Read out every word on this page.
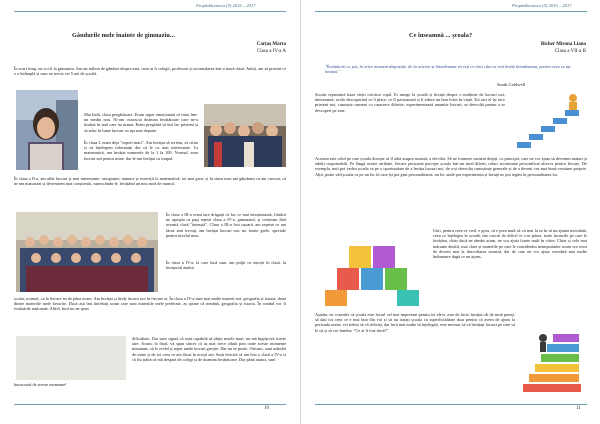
Propădăceanca (5) 2016 – 2017
Gândurile mele înainte de gimnaziu...
Carțaș Marta
Clasa a IV-a A
În scurt timp, eu voi fi la gimnaziu. Am un milion de gânduri despre asta, cum ar fi colegii, profesorii și acomodarea într-o nouă clasă. Antiți, am să prezint ce e o întâmplă și cum au trecut cei 5 ani de școală.
Mai întâi, clasa pregătitoare. Eram super emoționată că intru într-un mediu nou. Ni-am cunoscut doamna învățătoare care ne-a învățat în anii care au urmat. Eram pregătită să îmi fac prieteni și să aduc în lume lucruri cu așa mai departe.
În clasa I, eram deja "expert mari". Am învățat să scriem, să citim și să înțelegem informații din că le cu mai interesante. La matematică, am învățat numerele de la 1 la 100. Normal, erau lucruri noi pentru mine, dar le-am învățat cu timpul.
În clasa a II-a, am aflat lucruri și mai interesante: ortograme, numere și exerciții la matematică; tot mai greu, și în sinea mea mă gândeam că am crescut, că m-am maturizat și devenisem mai conștientă, cunoscându-le, învățând un nou mod de muncă.
În clasa a III-a eram tare drăguță că fac ce mai emoționantă, fiindcă ne apropia ca paşi repezi clasa a IV-a, gimnaziul, și creșteam fără această clasă "ăsteaștă". Clasa a III-a fost ușoară, am repetat ce am făcut anii trecuți, am învățat lucruri noi, nu foarte grele, speciale pentru nivelul meu.
În clasa a IV-a, la care încă sunt, am prăjit cu emoții în clasă, la începutul anului
școlar, normal, ca la fiecare an de pâna acum. Am învățat și învăț lucruri noi în fiecare zi. În clasa a IV-a sunt mai multe materii noi: geografia și istoria, două dintre materiile mele favorite. Dacă așă îmi întrebați acum care sunt materiile mele preferate, aș spune că română, geografia și istoria. În curând vor fi evaluările naționale. Altfel, încă nu ne spun
dificultate. Dar sunt sigură că sunt capabilă să obțin notele mari, nu mă îngrijorez foarte tare. Acum, la final, vă spun sincer că aș mai trece odată prin toate aceste momente minunate, să le revăd și repar unele lucruri greșite. Dar nu se poate. Oricum, sunt mândră de mine și de tot ceea ce am făcut în acești ani. Sunt fericită că am fost o clasă a IV-a și că fiu trăită că mă despart de colegi și de doamna învățătoare. Dar până atunci, sunt
bucuroasă de aceste momente!
10
Propădăceanca (5) 2016 – 2017
Ce înseamnă ... școala?
Bicher Mirona Liana
Clasa a VII-a B
"Învățătorii ce pot, în orice moment dispoziție, de la oricine și întotdeauna vă veți ci cinci câte ar veți învăți întotdeauna, pentru ceea ce ați învățat."
Sarah Caldwell
Școala reprezintă baza vieții oricărui copil. Ei merge la școală și învață despre o mulțime de lucruri noi, interesante, acolo descoperind ce îi place, ce îl pasionează și îi aduce un bun folos în viață. Tot aici el își face prieteni noi, cunoaște oameni cu caractere diferite, experimentează anumite lucruri, se dezvoltă pentru a se descoperi pe sine.
Aceasta este rolul pe care școala dorește să îl aibă asupra noastră, a elevilor. Să ne formeze oameni drepți, cu principii, care ne vor ajuta să devenim maturi și adulți responsabili. Pe lângă aceste atribute, fiecare persoană percepe școala într-un mod diferit, roluri accentuate personificat altcevs pentru fiecare. De exemplu, unii pot vedea școala ca pe o oportunitate de a învăța lucruri noi, de a-și dezvolta cunoștințe generale și de a deveni cea mai bună versiune proprie. Alții, poate văd școala ca pe un loc în care își pot găsi personalitatea, un loc unde pot experimenta și învață ue pot regăsi în personalitatea lor.
Unii, pentru ceea ce cred, e greu, că e prea mult să cii mai la ea în să nu ajunta niciodată, ceea ce înțelegea la școală, dar orocăi de dificil vi s-ar părea, toate lucrurile pe care le învățăm, chiar dacă ne rămân acum, ne vor ajuta foarte mult în viitor. Chiar și cele mai mărunte detalii, mai clare și materiile pe care le considerăm neimportante acum vor avea de deveni mai la dezvoltarea noastră, dar de care ne vor ajuta vreodată mai multe îndrumare după ce un ajuns.
Așadar, eu consider că școala este lucrul cel mai important pentru tot elevi, este de facto învățat cât de mult puteți, să dați tot ceea ce e mai bun din voi și să nu tratați școala cu superficialitate doar pentru că avem de ajuns la perioada aceea, vei trebui să vă ridicați, dar încă mai multe să înțelegeți, este necesar să vă învățați lucruri pe care să le ști și să voi întreba: "Ce ai fi fost dacă?"
11
